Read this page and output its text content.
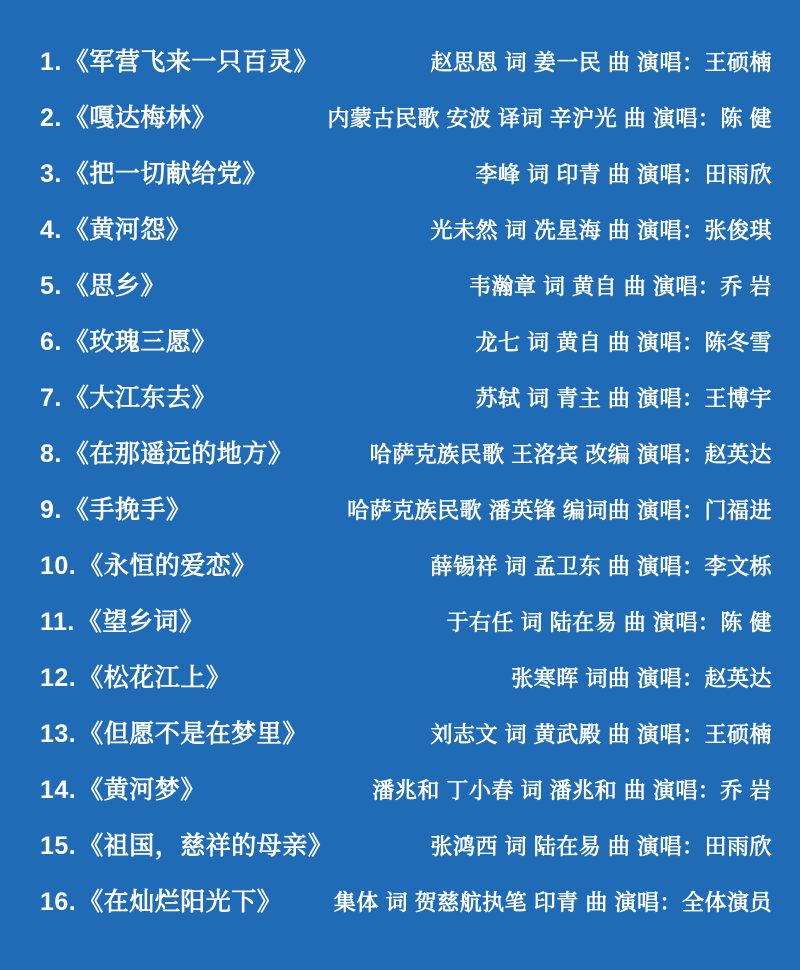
1. 《军营飞来一只百灵》	赵思恩 词 姜一民 曲 演唱：王硕楠
2. 《嘎达梅林》	内蒙古民歌 安波 译词 辛沪光 曲 演唱：陈 健
3. 《把一切献给党》	李峰 词 印青 曲 演唱：田雨欣
4. 《黄河怨》	光未然 词 冼星海 曲 演唱：张俊琪
5. 《思乡》	韦瀚章 词 黄自 曲 演唱：乔 岩
6. 《玫瑰三愿》	龙七 词 黄自 曲 演唱：陈冬雪
7. 《大江东去》	苏轼 词 青主 曲 演唱：王博宇
8. 《在那遥远的地方》	哈萨克族民歌 王洛宾 改编 演唱：赵英达
9. 《手挽手》	哈萨克族民歌 潘英锋 编词曲 演唱：门福进
10. 《永恒的爱恋》	薛锡祥 词 孟卫东 曲 演唱：李文栎
11. 《望乡词》	于右任 词 陆在易 曲 演唱：陈 健
12. 《松花江上》	张寒晖 词曲 演唱：赵英达
13. 《但愿不是在梦里》	刘志文 词 黄武殿 曲 演唱：王硕楠
14. 《黄河梦》	潘兆和 丁小春 词 潘兆和 曲 演唱：乔 岩
15. 《祖国，慈祥的母亲》	张鸿西 词 陆在易 曲 演唱：田雨欣
16. 《在灿烂阳光下》 集体 词 贺慈航执笔 印青 曲 演唱：全体演员
